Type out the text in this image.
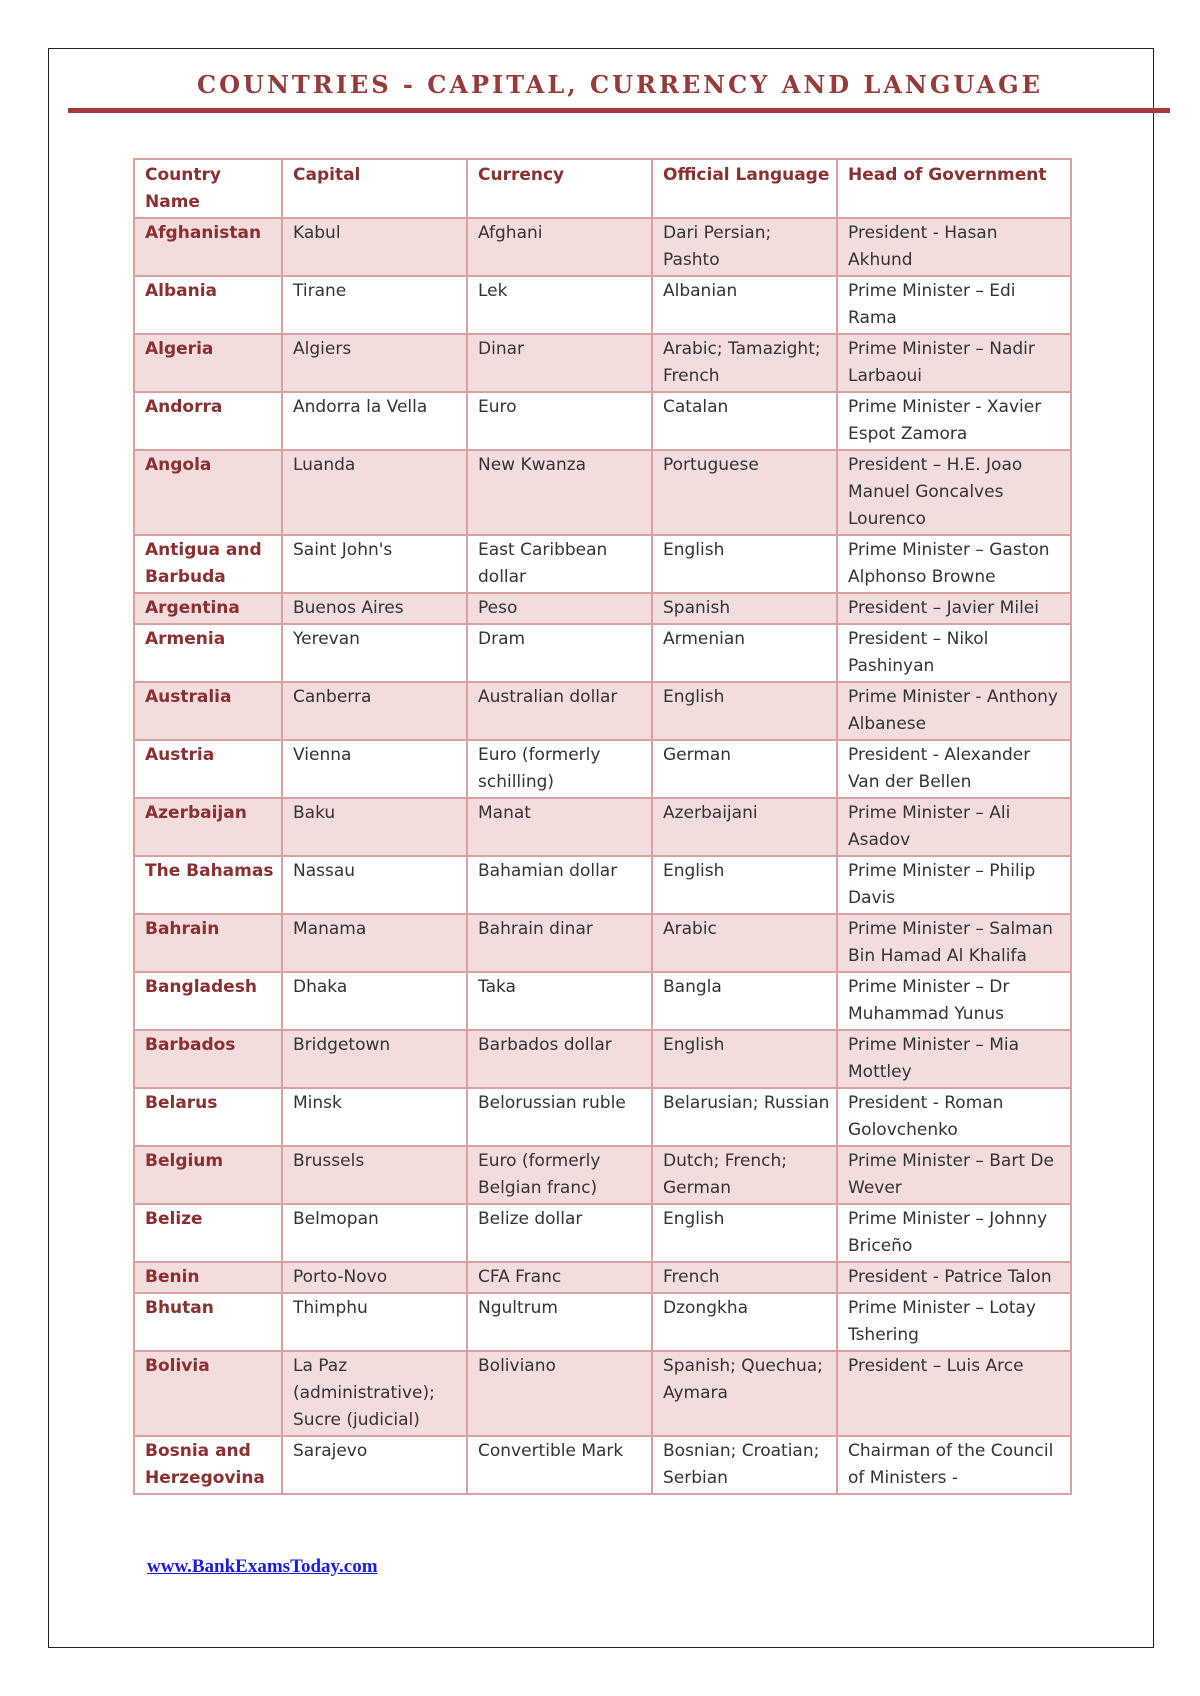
COUNTRIES - CAPITAL, CURRENCY AND LANGUAGE
Country Name	Capital	Currency	Official Language	Head of Government
Afghanistan	Kabul	Afghani	Dari Persian; Pashto	President - Hasan Akhund
Albania	Tirane	Lek	Albanian	Prime Minister – Edi Rama
Algeria	Algiers	Dinar	Arabic; Tamazight; French	Prime Minister – Nadir Larbaoui
Andorra	Andorra la Vella	Euro	Catalan	Prime Minister - Xavier Espot Zamora
Angola	Luanda	New Kwanza	Portuguese	President – H.E. Joao Manuel Goncalves Lourenco
Antigua and Barbuda	Saint John's	East Caribbean dollar	English	Prime Minister – Gaston Alphonso Browne
Argentina	Buenos Aires	Peso	Spanish	President – Javier Milei
Armenia	Yerevan	Dram	Armenian	President – Nikol Pashinyan
Australia	Canberra	Australian dollar	English	Prime Minister - Anthony Albanese
Austria	Vienna	Euro (formerly schilling)	German	President - Alexander Van der Bellen
Azerbaijan	Baku	Manat	Azerbaijani	Prime Minister – Ali Asadov
The Bahamas	Nassau	Bahamian dollar	English	Prime Minister – Philip Davis
Bahrain	Manama	Bahrain dinar	Arabic	Prime Minister – Salman Bin Hamad Al Khalifa
Bangladesh	Dhaka	Taka	Bangla	Prime Minister – Dr Muhammad Yunus
Barbados	Bridgetown	Barbados dollar	English	Prime Minister – Mia Mottley
Belarus	Minsk	Belorussian ruble	Belarusian; Russian	President - Roman Golovchenko
Belgium	Brussels	Euro (formerly Belgian franc)	Dutch; French; German	Prime Minister – Bart De Wever
Belize	Belmopan	Belize dollar	English	Prime Minister – Johnny Briceño
Benin	Porto-Novo	CFA Franc	French	President - Patrice Talon
Bhutan	Thimphu	Ngultrum	Dzongkha	Prime Minister – Lotay Tshering
Bolivia	La Paz (administrative); Sucre (judicial)	Boliviano	Spanish; Quechua; Aymara	President – Luis Arce
Bosnia and Herzegovina	Sarajevo	Convertible Mark	Bosnian; Croatian; Serbian	Chairman of the Council of Ministers -
www.BankExamsToday.com
